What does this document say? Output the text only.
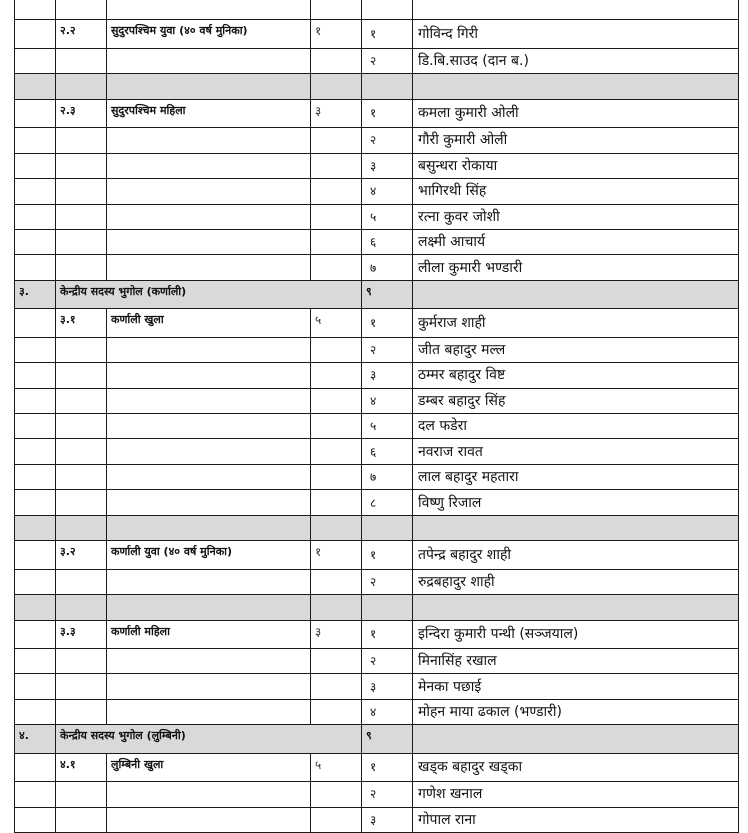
	२.२	सुदुरपश्चिम युवा (४० वर्ष मुनिका)	१	१	गोविन्द गिरी
				२	डि.बि.साउद (दान ब.)

	२.३	सुदुरपश्चिम महिला	३	१	कमला कुमारी ओली
				२	गौरी कुमारी ओली
				३	बसुन्धरा रोकाया
				४	भागिरथी सिंह
				५	रत्ना कुवर जोशी
				६	लक्ष्मी आचार्य
				७	लीला कुमारी भण्डारी
३.	केन्द्रीय सदस्य भुगोल (कर्णाली)			९	
	३.१	कर्णाली खुला	५	१	कुर्मराज शाही
				२	जीत बहादुर मल्ल
				३	ठम्मर बहादुर विष्ट
				४	डम्बर बहादुर सिंह
				५	दल फडेरा
				६	नवराज रावत
				७	लाल बहादुर महतारा
				८	विष्णु रिजाल

	३.२	कर्णाली युवा (४० वर्ष मुनिका)	१	१	तपेन्द्र बहादुर शाही
				२	रुद्रबहादुर शाही

	३.३	कर्णाली महिला	३	१	इन्दिरा कुमारी पन्थी (सञ्जयाल)
				२	मिनासिंह रखाल
				३	मेनका पछाई
				४	मोहन माया ढकाल (भण्डारी)
४.	केन्द्रीय सदस्य भुगोल (लुम्बिनी)			९	
	४.१	लुम्बिनी खुला	५	१	खड्क बहादुर खड्का
				२	गणेश खनाल
				३	गोपाल राना
